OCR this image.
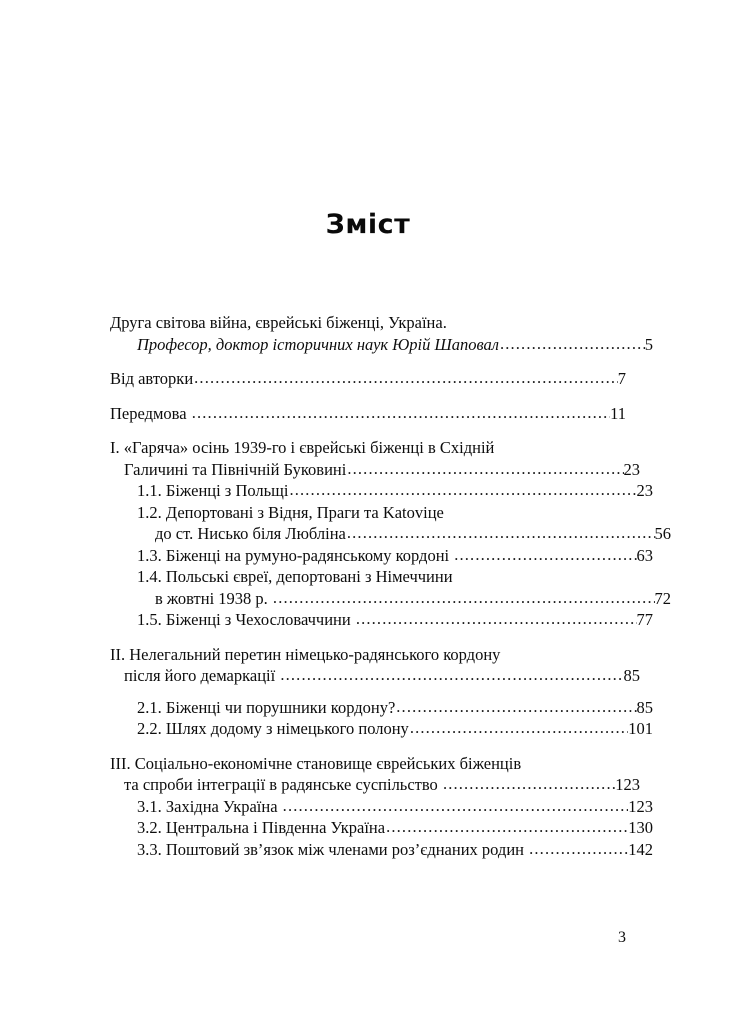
Зміст
Друга світова війна, єврейські біженці, Україна.
Професор, доктор історичних наук Юрій Шаповал .....	5
Від авторки .....	7
Передмова .....	11
I. «Гаряча» осінь 1939-го і єврейські біженці в Східній
Галичині та Північній Буковині .....	23
1.1. Біженці з Польщі .....	23
1.2. Депортовані з Відня, Праги та Katoviцe
до ст. Ниcько біля Любліна .....	56
1.3. Біженці на румуно-радянському кордоні .....	63
1.4. Польські євреї, депортовані з Німеччини
в жовтні 1938 р. .....	72
1.5. Біженці з Чехословаччини .....	77
II. Нелегальний перетин німецько-радянського кордону
після його демаркації .....	85
2.1. Біженці чи порушники кордону? .....	85
2.2. Шлях додому з німецького полону .....	101
III. Соціально-економічне становище єврейських біженців
та спроби інтеграції в радянське суспільство .....	123
3.1. Західна Україна .....	123
3.2. Центральна і Південна Україна .....	130
3.3. Поштовий зв’язок між членами роз’єднаних родин .....	142
3
